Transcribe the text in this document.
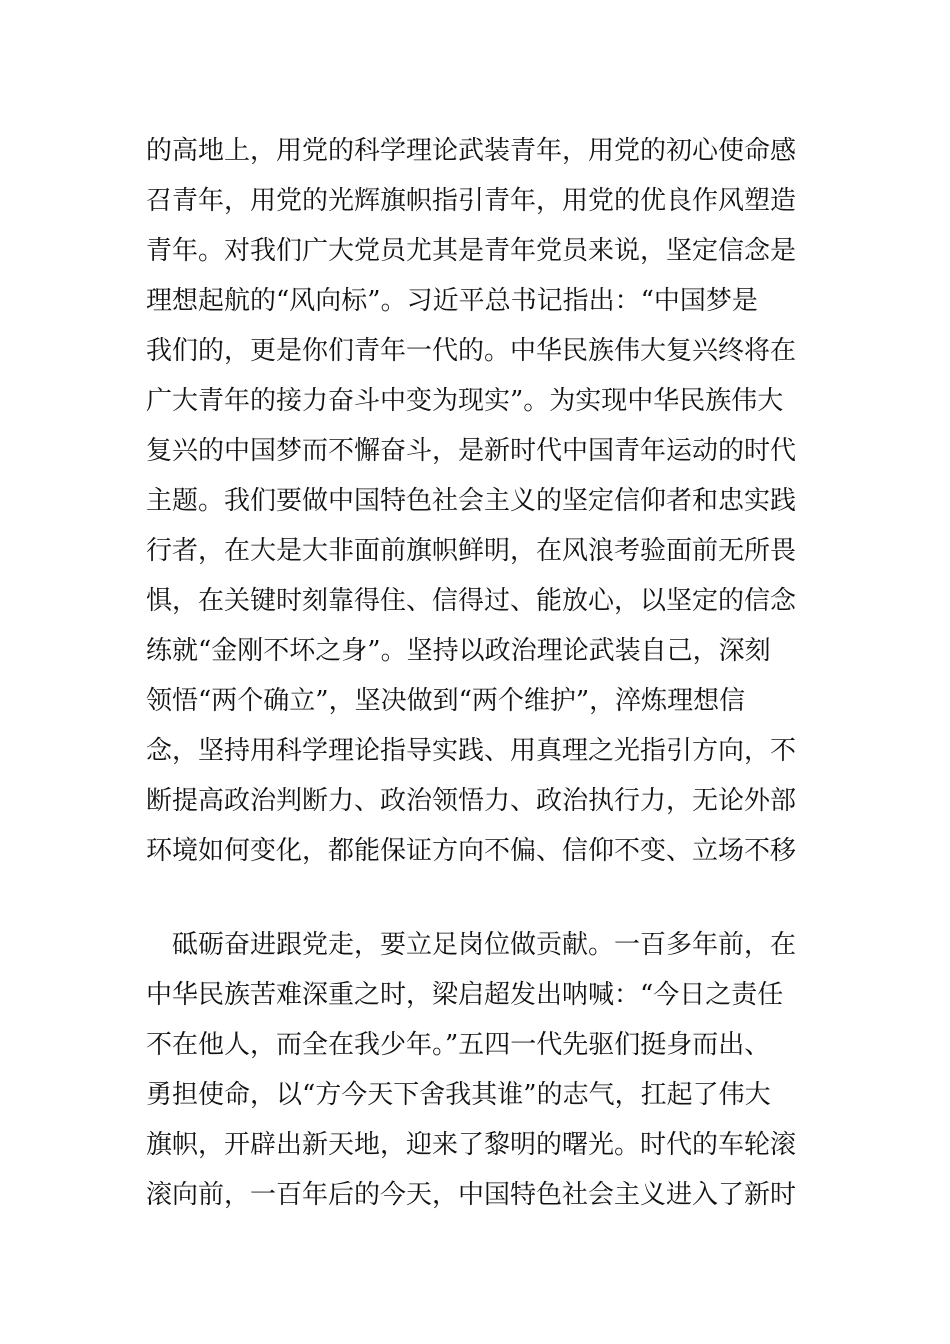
的高地上，用党的科学理论武装青年，用党的初心使命感
召青年，用党的光辉旗帜指引青年，用党的优良作风塑造
青年。对我们广大党员尤其是青年党员来说，坚定信念是
理想起航的“风向标”。习近平总书记指出：“中国梦是
我们的，更是你们青年一代的。中华民族伟大复兴终将在
广大青年的接力奋斗中变为现实”。为实现中华民族伟大
复兴的中国梦而不懈奋斗，是新时代中国青年运动的时代
主题。我们要做中国特色社会主义的坚定信仰者和忠实践
行者，在大是大非面前旗帜鲜明，在风浪考验面前无所畏
惧，在关键时刻靠得住、信得过、能放心，以坚定的信念
练就“金刚不坏之身”。坚持以政治理论武装自己，深刻
领悟“两个确立”，坚决做到“两个维护”，淬炼理想信
念，坚持用科学理论指导实践、用真理之光指引方向，不
断提高政治判断力、政治领悟力、政治执行力，无论外部
环境如何变化，都能保证方向不偏、信仰不变、立场不移
　砥砺奋进跟党走，要立足岗位做贡献。一百多年前，在
中华民族苦难深重之时，梁启超发出呐喊：“今日之责任
不在他人，而全在我少年。”五四一代先驱们挺身而出、
勇担使命，以“方今天下舍我其谁”的志气，扛起了伟大
旗帜，开辟出新天地，迎来了黎明的曙光。时代的车轮滚
滚向前，一百年后的今天，中国特色社会主义进入了新时
